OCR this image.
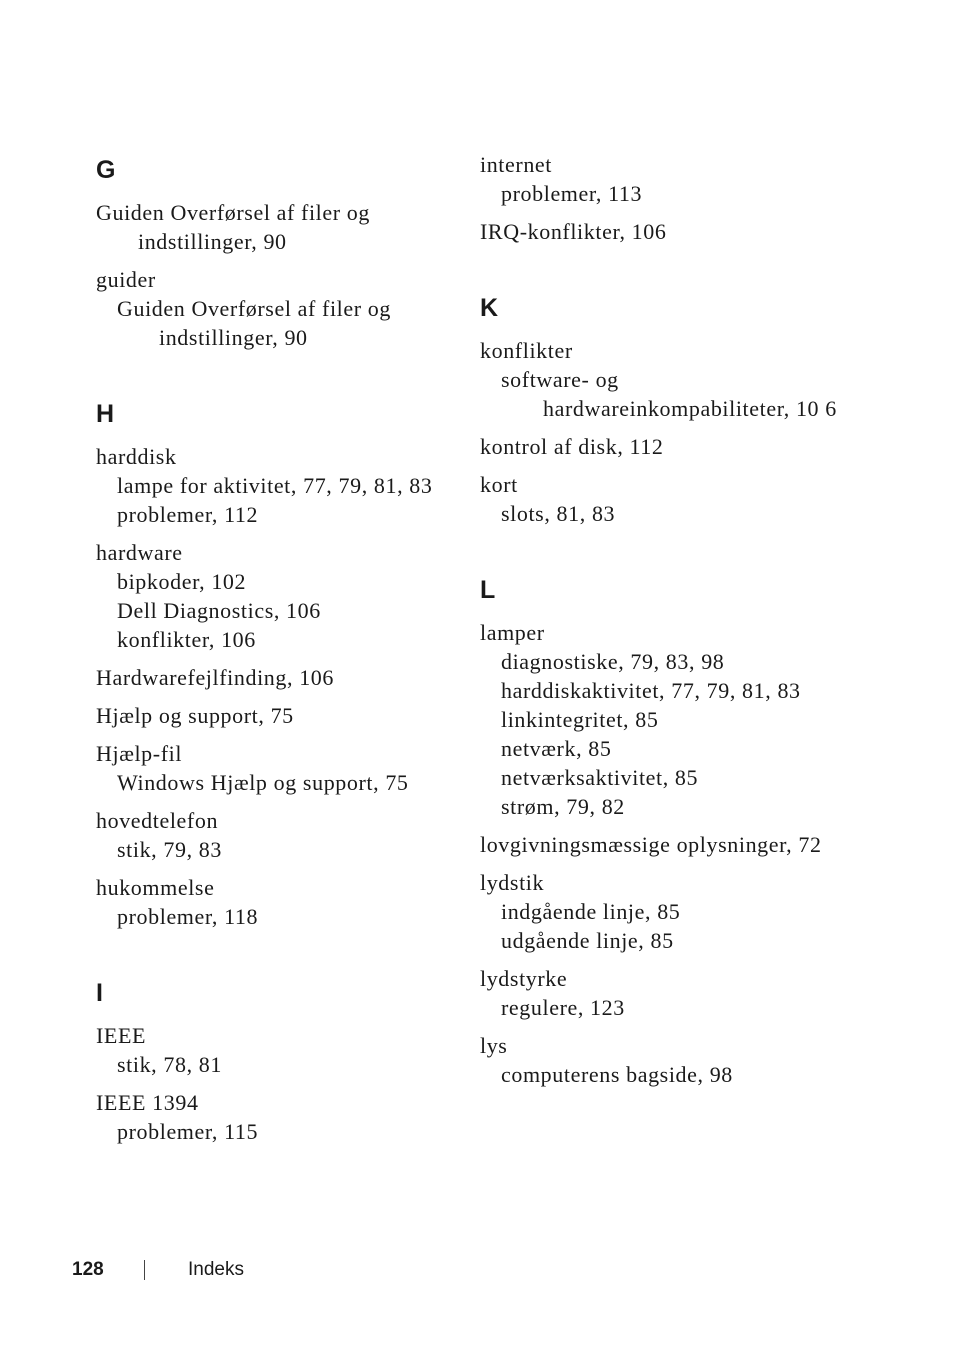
G
Guiden Overførsel af filer og indstillinger, 90
guider
Guiden Overførsel af filer og indstillinger, 90
H
harddisk
lampe for aktivitet, 77, 79, 81, 83
problemer, 112
hardware
bipkoder, 102
Dell Diagnostics, 106
konflikter, 106
Hardwarefejlfinding, 106
Hjælp og support, 75
Hjælp-fil
Windows Hjælp og support, 75
hovedtelefon
stik, 79, 83
hukommelse
problemer, 118
I
IEEE
stik, 78, 81
IEEE 1394
problemer, 115
internet
problemer, 113
IRQ-konflikter, 106
K
konflikter
software- og hardwareinkompabiliteter, 10 6
kontrol af disk, 112
kort
slots, 81, 83
L
lamper
diagnostiske, 79, 83, 98
harddiskaktivitet, 77, 79, 81, 83
linkintegritet, 85
netværk, 85
netværksaktivitet, 85
strøm, 79, 82
lovgivningsmæssige oplysninger, 72
lydstik
indgående linje, 85
udgående linje, 85
lydstyrke
regulere, 123
lys
computerens bagside, 98
128	Indeks
